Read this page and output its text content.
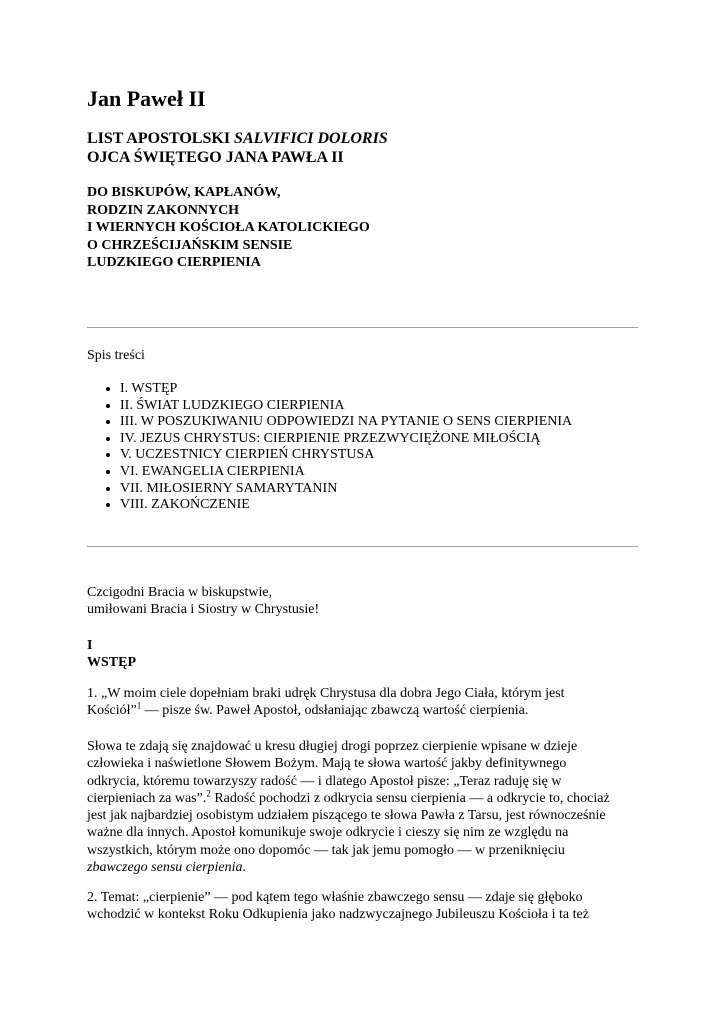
Jan Paweł II
LIST APOSTOLSKI SALVIFICI DOLORIS
OJCA ŚWIĘTEGO JANA PAWŁA II
DO BISKUPÓW, KAPŁANÓW,
RODZIN ZAKONNYCH
I WIERNYCH KOŚCIOŁA KATOLICKIEGO
O CHRZEŚCIJAŃSKIM SENSIE
LUDZKIEGO CIERPIENIA
Spis treści
• I. WSTĘP
• II. ŚWIAT LUDZKIEGO CIERPIENIA
• III. W POSZUKIWANIU ODPOWIEDZI NA PYTANIE O SENS CIERPIENIA
• IV. JEZUS CHRYSTUS: CIERPIENIE PRZEZWYCIĘŻONE MIŁOŚCIĄ
• V. UCZESTNICY CIERPIEŃ CHRYSTUSA
• VI. EWANGELIA CIERPIENIA
• VII. MIŁOSIERNY SAMARYTANIN
• VIII. ZAKOŃCZENIE

Czcigodni Bracia w biskupstwie,
umiłowani Bracia i Siostry w Chrystusie!

I
WSTĘP

1. „W moim ciele dopełniam braki udręk Chrystusa dla dobra Jego Ciała, którym jest
Kościół”$^1$ — pisze św. Paweł Apostoł, odsłaniając zbawczą wartość cierpienia.

Słowa te zdają się znajdować u kresu długiej drogi poprzez cierpienie wpisane w dzieje
człowieka i naświetlone Słowem Bożym. Mają te słowa wartość jakby definitywnego
odkrycia, któremu towarzyszy radość — i dlatego Apostoł pisze: „Teraz raduję się w
cierpieniach za was”.$^2$ Radość pochodzi z odkrycia sensu cierpienia — a odkrycie to, chociaż
jest jak najbardziej osobistym udziałem piszącego te słowa Pawła z Tarsu, jest równocześnie
ważne dla innych. Apostoł komunikuje swoje odkrycie i cieszy się nim ze względu na
wszystkich, którym może ono dopomóc — tak jak jemu pomogło — w przeniknięciu
zbawczego sensu cierpienia.

2. Temat: „cierpienie” — pod kątem tego właśnie zbawczego sensu — zdaje się głęboko
wchodzić w kontekst Roku Odkupienia jako nadzwyczajnego Jubileuszu Kościoła i ta też
